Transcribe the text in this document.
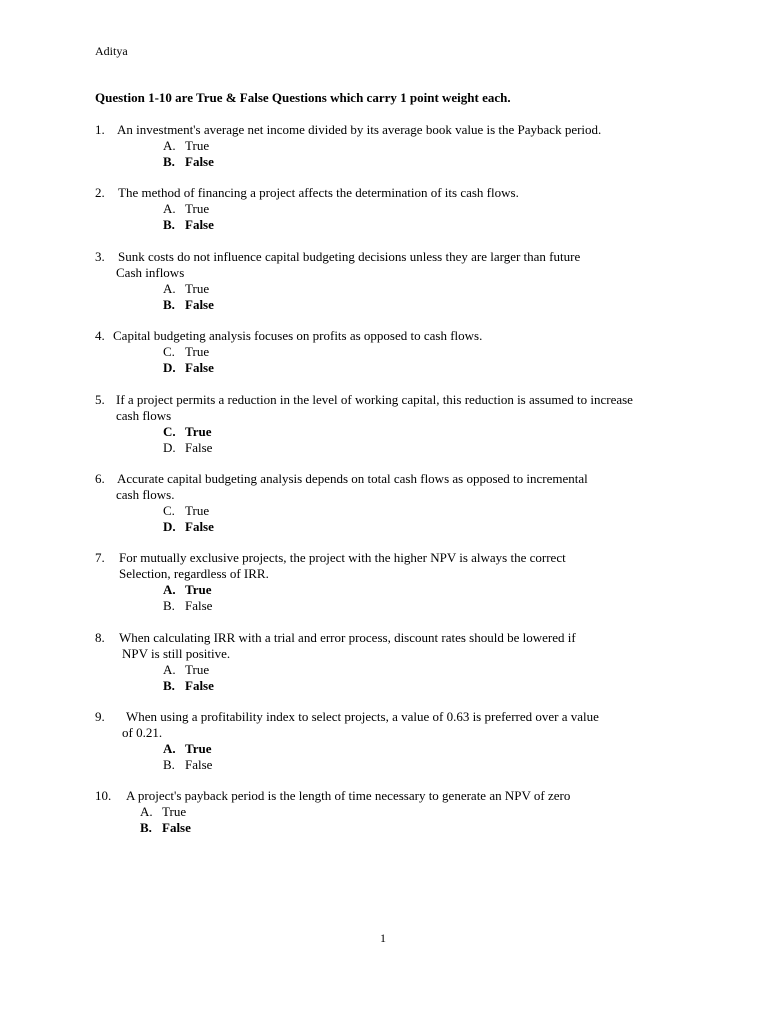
Aditya
Question 1-10 are True & False Questions which carry 1 point weight each.
1. An investment's average net income divided by its average book value is the Payback period.
A. True
B. False
2. The method of financing a project affects the determination of its cash flows.
A. True
B. False
3. Sunk costs do not influence capital budgeting decisions unless they are larger than future
Cash inflows
A. True
B. False
4. Capital budgeting analysis focuses on profits as opposed to cash flows.
C. True
D. False
5. If a project permits a reduction in the level of working capital, this reduction is assumed to increase
cash flows
C. True
D. False
6. Accurate capital budgeting analysis depends on total cash flows as opposed to incremental
cash flows.
C. True
D. False
7. For mutually exclusive projects, the project with the higher NPV is always the correct
Selection, regardless of IRR.
A. True
B. False
8. When calculating IRR with a trial and error process, discount rates should be lowered if
NPV is still positive.
A. True
B. False
9. When using a profitability index to select projects, a value of 0.63 is preferred over a value
of 0.21.
A. True
B. False
10. A project's payback period is the length of time necessary to generate an NPV of zero
A. True
B. False
1
